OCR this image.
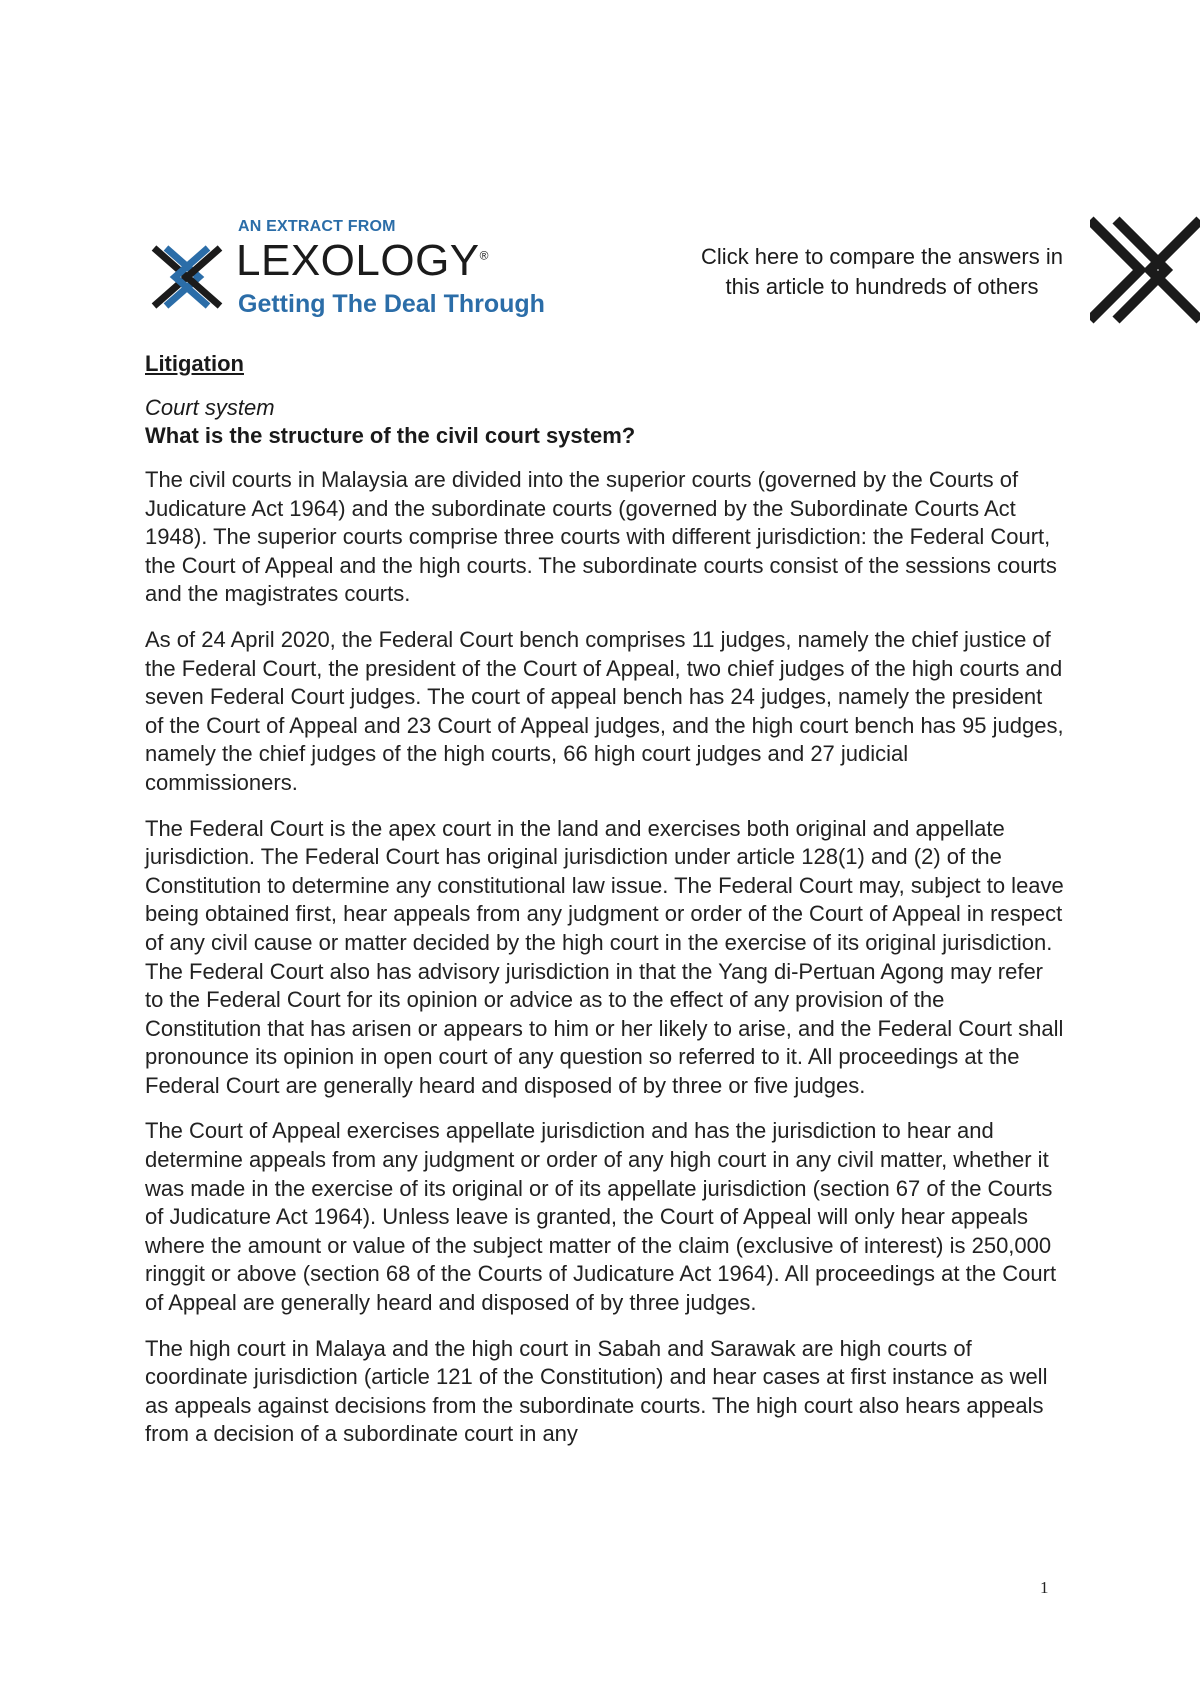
AN EXTRACT FROM
LEXOLOGY®
Getting The Deal Through
Click here to compare the answers in
this article to hundreds of others
Litigation

Court system

What is the structure of the civil court system?

The civil courts in Malaysia are divided into the superior courts (governed by the Courts of Judicature Act 1964) and the subordinate courts (governed by the Subordinate Courts Act 1948). The superior courts comprise three courts with different jurisdiction: the Federal Court, the Court of Appeal and the high courts. The subordinate courts consist of the sessions courts and the magistrates courts.

As of 24 April 2020, the Federal Court bench comprises 11 judges, namely the chief justice of the Federal Court, the president of the Court of Appeal, two chief judges of the high courts and seven Federal Court judges. The court of appeal bench has 24 judges, namely the president of the Court of Appeal and 23 Court of Appeal judges, and the high court bench has 95 judges, namely the chief judges of the high courts, 66 high court judges and 27 judicial commissioners.

The Federal Court is the apex court in the land and exercises both original and appellate jurisdiction. The Federal Court has original jurisdiction under article 128(1) and (2) of the Constitution to determine any constitutional law issue. The Federal Court may, subject to leave being obtained first, hear appeals from any judgment or order of the Court of Appeal in respect of any civil cause or matter decided by the high court in the exercise of its original jurisdiction. The Federal Court also has advisory jurisdiction in that the Yang di-Pertuan Agong may refer to the Federal Court for its opinion or advice as to the effect of any provision of the Constitution that has arisen or appears to him or her likely to arise, and the Federal Court shall pronounce its opinion in open court of any question so referred to it. All proceedings at the Federal Court are generally heard and disposed of by three or five judges.

The Court of Appeal exercises appellate jurisdiction and has the jurisdiction to hear and determine appeals from any judgment or order of any high court in any civil matter, whether it was made in the exercise of its original or of its appellate jurisdiction (section 67 of the Courts of Judicature Act 1964). Unless leave is granted, the Court of Appeal will only hear appeals where the amount or value of the subject matter of the claim (exclusive of interest) is 250,000 ringgit or above (section 68 of the Courts of Judicature Act 1964). All proceedings at the Court of Appeal are generally heard and disposed of by three judges.

The high court in Malaya and the high court in Sabah and Sarawak are high courts of coordinate jurisdiction (article 121 of the Constitution) and hear cases at first instance as well as appeals against decisions from the subordinate courts. The high court also hears appeals from a decision of a subordinate court in any

1
